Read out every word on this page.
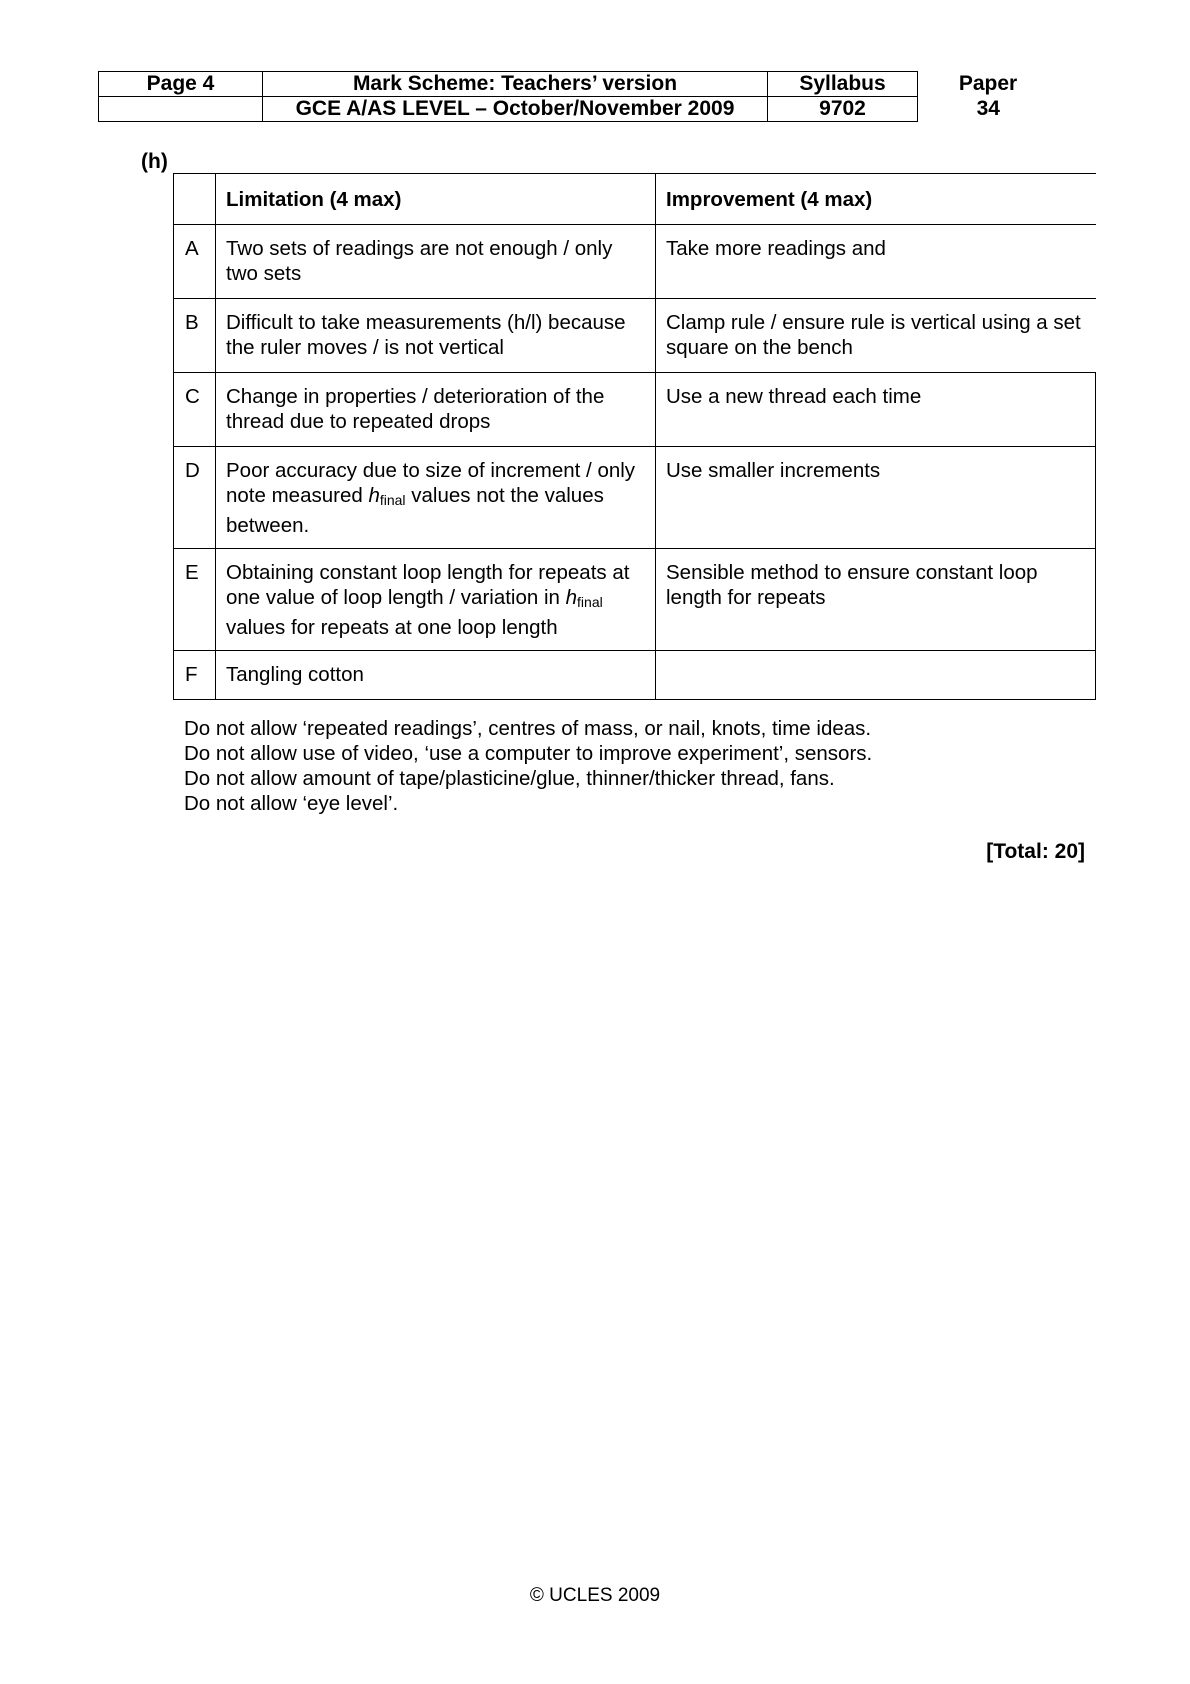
Page 4	Mark Scheme: Teachers’ version	Syllabus	Paper
	GCE A/AS LEVEL – October/November 2009	9702	34
(h)
	Limitation (4 max)	Improvement (4 max)
A	Two sets of readings are not enough / only two sets	Take more readings and
B	Difficult to take measurements (h/l) because the ruler moves / is not vertical	Clamp rule / ensure rule is vertical using a set square on the bench
C	Change in properties / deterioration of the thread due to repeated drops	Use a new thread each time
D	Poor accuracy due to size of increment / only note measured $h_{final}$ values not the values between.	Use smaller increments
E	Obtaining constant loop length for repeats at one value of loop length / variation in $h_{final}$ values for repeats at one loop length	Sensible method to ensure constant loop length for repeats
F	Tangling cotton	
Do not allow ‘repeated readings’, centres of mass, or nail, knots, time ideas.
Do not allow use of video, ‘use a computer to improve experiment’, sensors.
Do not allow amount of tape/plasticine/glue, thinner/thicker thread, fans.
Do not allow ‘eye level’.
[Total: 20]
© UCLES 2009
